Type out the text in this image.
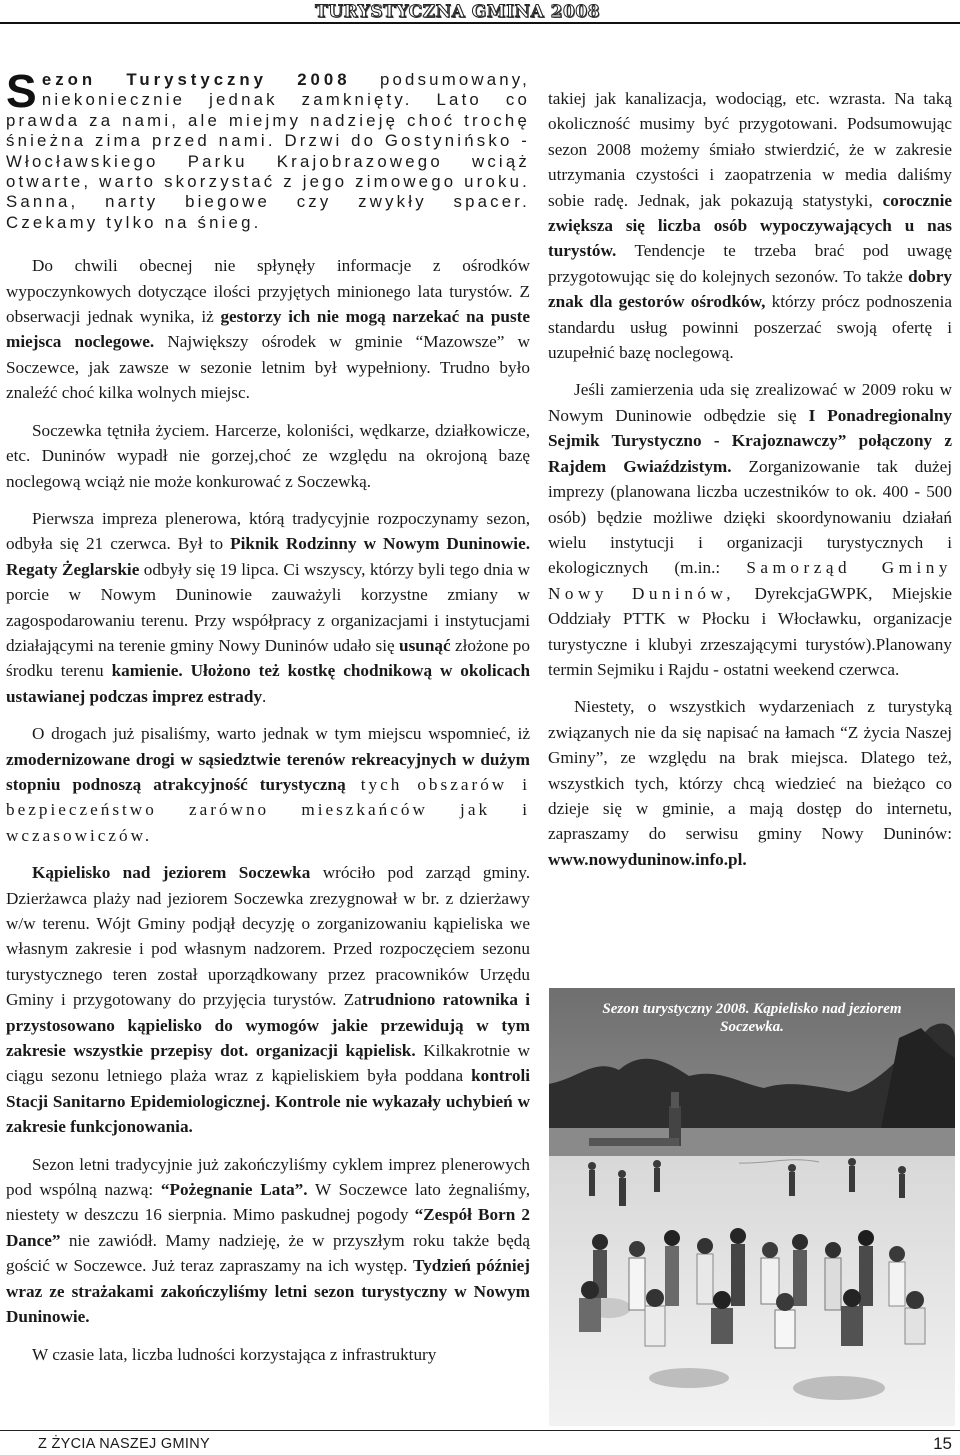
TURYSTYCZNA GMINA 2008

Sezon Turystyczny 2008 podsumowany, niekoniecznie jednak zamknięty. Lato co prawda za nami, ale miejmy nadzieję choć trochę śnieżna zima przed nami. Drzwi do Gostynińsko - Włocławskiego Parku Krajobrazowego wciąż otwarte, warto skorzystać z jego zimowego uroku. Sanna, narty biegowe czy zwykły spacer. Czekamy tylko na śnieg.

Do chwili obecnej nie spłynęły informacje z ośrodków wypoczynkowych dotyczące ilości przyjętych minionego lata turystów. Z obserwacji jednak wynika, iż gestorzy ich nie mogą narzekać na puste miejsca noclegowe. Największy ośrodek w gminie “Mazowsze” w Soczewce, jak zawsze w sezonie letnim był wypełniony. Trudno było znaleźć choć kilka wolnych miejsc.

Soczewka tętniła życiem. Harcerze, koloniści, wędkarze, działkowicze, etc. Duninów wypadł nie gorzej,choć ze względu na okrojoną bazę noclegową wciąż nie może konkurować z Soczewką.

Pierwsza impreza plenerowa, którą tradycyjnie rozpoczynamy sezon, odbyła się 21 czerwca. Był to Piknik Rodzinny w Nowym Duninowie. Regaty Żeglarskie odbyły się 19 lipca. Ci wszyscy, którzy byli tego dnia w porcie w Nowym Duninowie zauważyli korzystne zmiany w zagospodarowaniu terenu. Przy współpracy z organizacjami i instytucjami działającymi na terenie gminy Nowy Duninów udało się usunąć złożone po środku terenu kamienie. Ułożono też kostkę chodnikową w okolicach ustawianej podczas imprez estrady.

O drogach już pisaliśmy, warto jednak w tym miejscu wspomnieć, iż zmodernizowane drogi w sąsiedztwie terenów rekreacyjnych w dużym stopniu podnoszą atrakcyjność turystyczną tych obszarów i bezpieczeństwo zarówno mieszkańców jak i wczasowiczów.

Kąpielisko nad jeziorem Soczewka wróciło pod zarząd gminy. Dzierżawca plaży nad jeziorem Soczewka zrezygnował w br. z dzierżawy w/w terenu. Wójt Gminy podjął decyzję o zorganizowaniu kąpieliska we własnym zakresie i pod własnym nadzorem. Przed rozpoczęciem sezonu turystycznego teren został uporządkowany przez pracowników Urzędu Gminy i przygotowany do przyjęcia turystów. Zatrudniono ratownika i przystosowano kąpielisko do wymogów jakie przewidują w tym zakresie wszystkie przepisy dot. organizacji kąpielisk. Kilkakrotnie w ciągu sezonu letniego plaża wraz z kąpieliskiem była poddana kontroli Stacji Sanitarno Epidemiologicznej. Kontrole nie wykazały uchybień w zakresie funkcjonowania.

Sezon letni tradycyjnie już zakończyliśmy cyklem imprez plenerowych pod wspólną nazwą: “Pożegnanie Lata”. W Soczewce lato żegnaliśmy, niestety w deszczu 16 sierpnia. Mimo paskudnej pogody “Zespół Born 2 Dance” nie zawiódł. Mamy nadzieję, że w przyszłym roku także będą gościć w Soczewce. Już teraz zapraszamy na ich występ. Tydzień później wraz ze strażakami zakończyliśmy letni sezon turystyczny w Nowym Duninowie.

W czasie lata, liczba ludności korzystająca z infrastruktury

takiej jak kanalizacja, wodociąg, etc. wzrasta. Na taką okoliczność musimy być przygotowani. Podsumowując sezon 2008 możemy śmiało stwierdzić, że w zakresie utrzymania czystości i zaopatrzenia w media daliśmy sobie radę. Jednak, jak pokazują statystyki, corocznie zwiększa się liczba osób wypoczywających u nas turystów. Tendencje te trzeba brać pod uwagę przygotowując się do kolejnych sezonów. To także dobry znak dla gestorów ośrodków, którzy prócz podnoszenia standardu usług powinni poszerzać swoją ofertę i uzupełnić bazę noclegową.

Jeśli zamierzenia uda się zrealizować w 2009 roku w Nowym Duninowie odbędzie się I Ponadregionalny Sejmik Turystyczno - Krajoznawczy” połączony z Rajdem Gwiaździstym. Zorganizowanie tak dużej imprezy (planowana liczba uczestników to ok. 400 - 500 osób) będzie możliwe dzięki skoordynowaniu działań wielu instytucji i organizacji turystycznych i ekologicznych (m.in.: Samorząd Gminy Nowy Duninów, DyrekcjaGWPK, Miejskie Oddziały PTTK w Płocku i Włocławku, organizacje turystyczne i klubyi zrzeszającymi turystów).Planowany termin Sejmiku i Rajdu - ostatni weekend czerwca.

Niestety, o wszystkich wydarzeniach z turystyką związanych nie da się napisać na łamach “Z życia Naszej Gminy”, ze względu na brak miejsca. Dlatego też, wszystkich tych, którzy chcą wiedzieć na bieżąco co dzieje się w gminie, a mają dostęp do internetu, zapraszamy do serwisu gminy Nowy Duninów: www.nowyduninow.info.pl.

Sezon turystyczny 2008. Kąpielisko nad jeziorem Soczewka.
Z ŻYCIA NASZEJ GMINY	15
